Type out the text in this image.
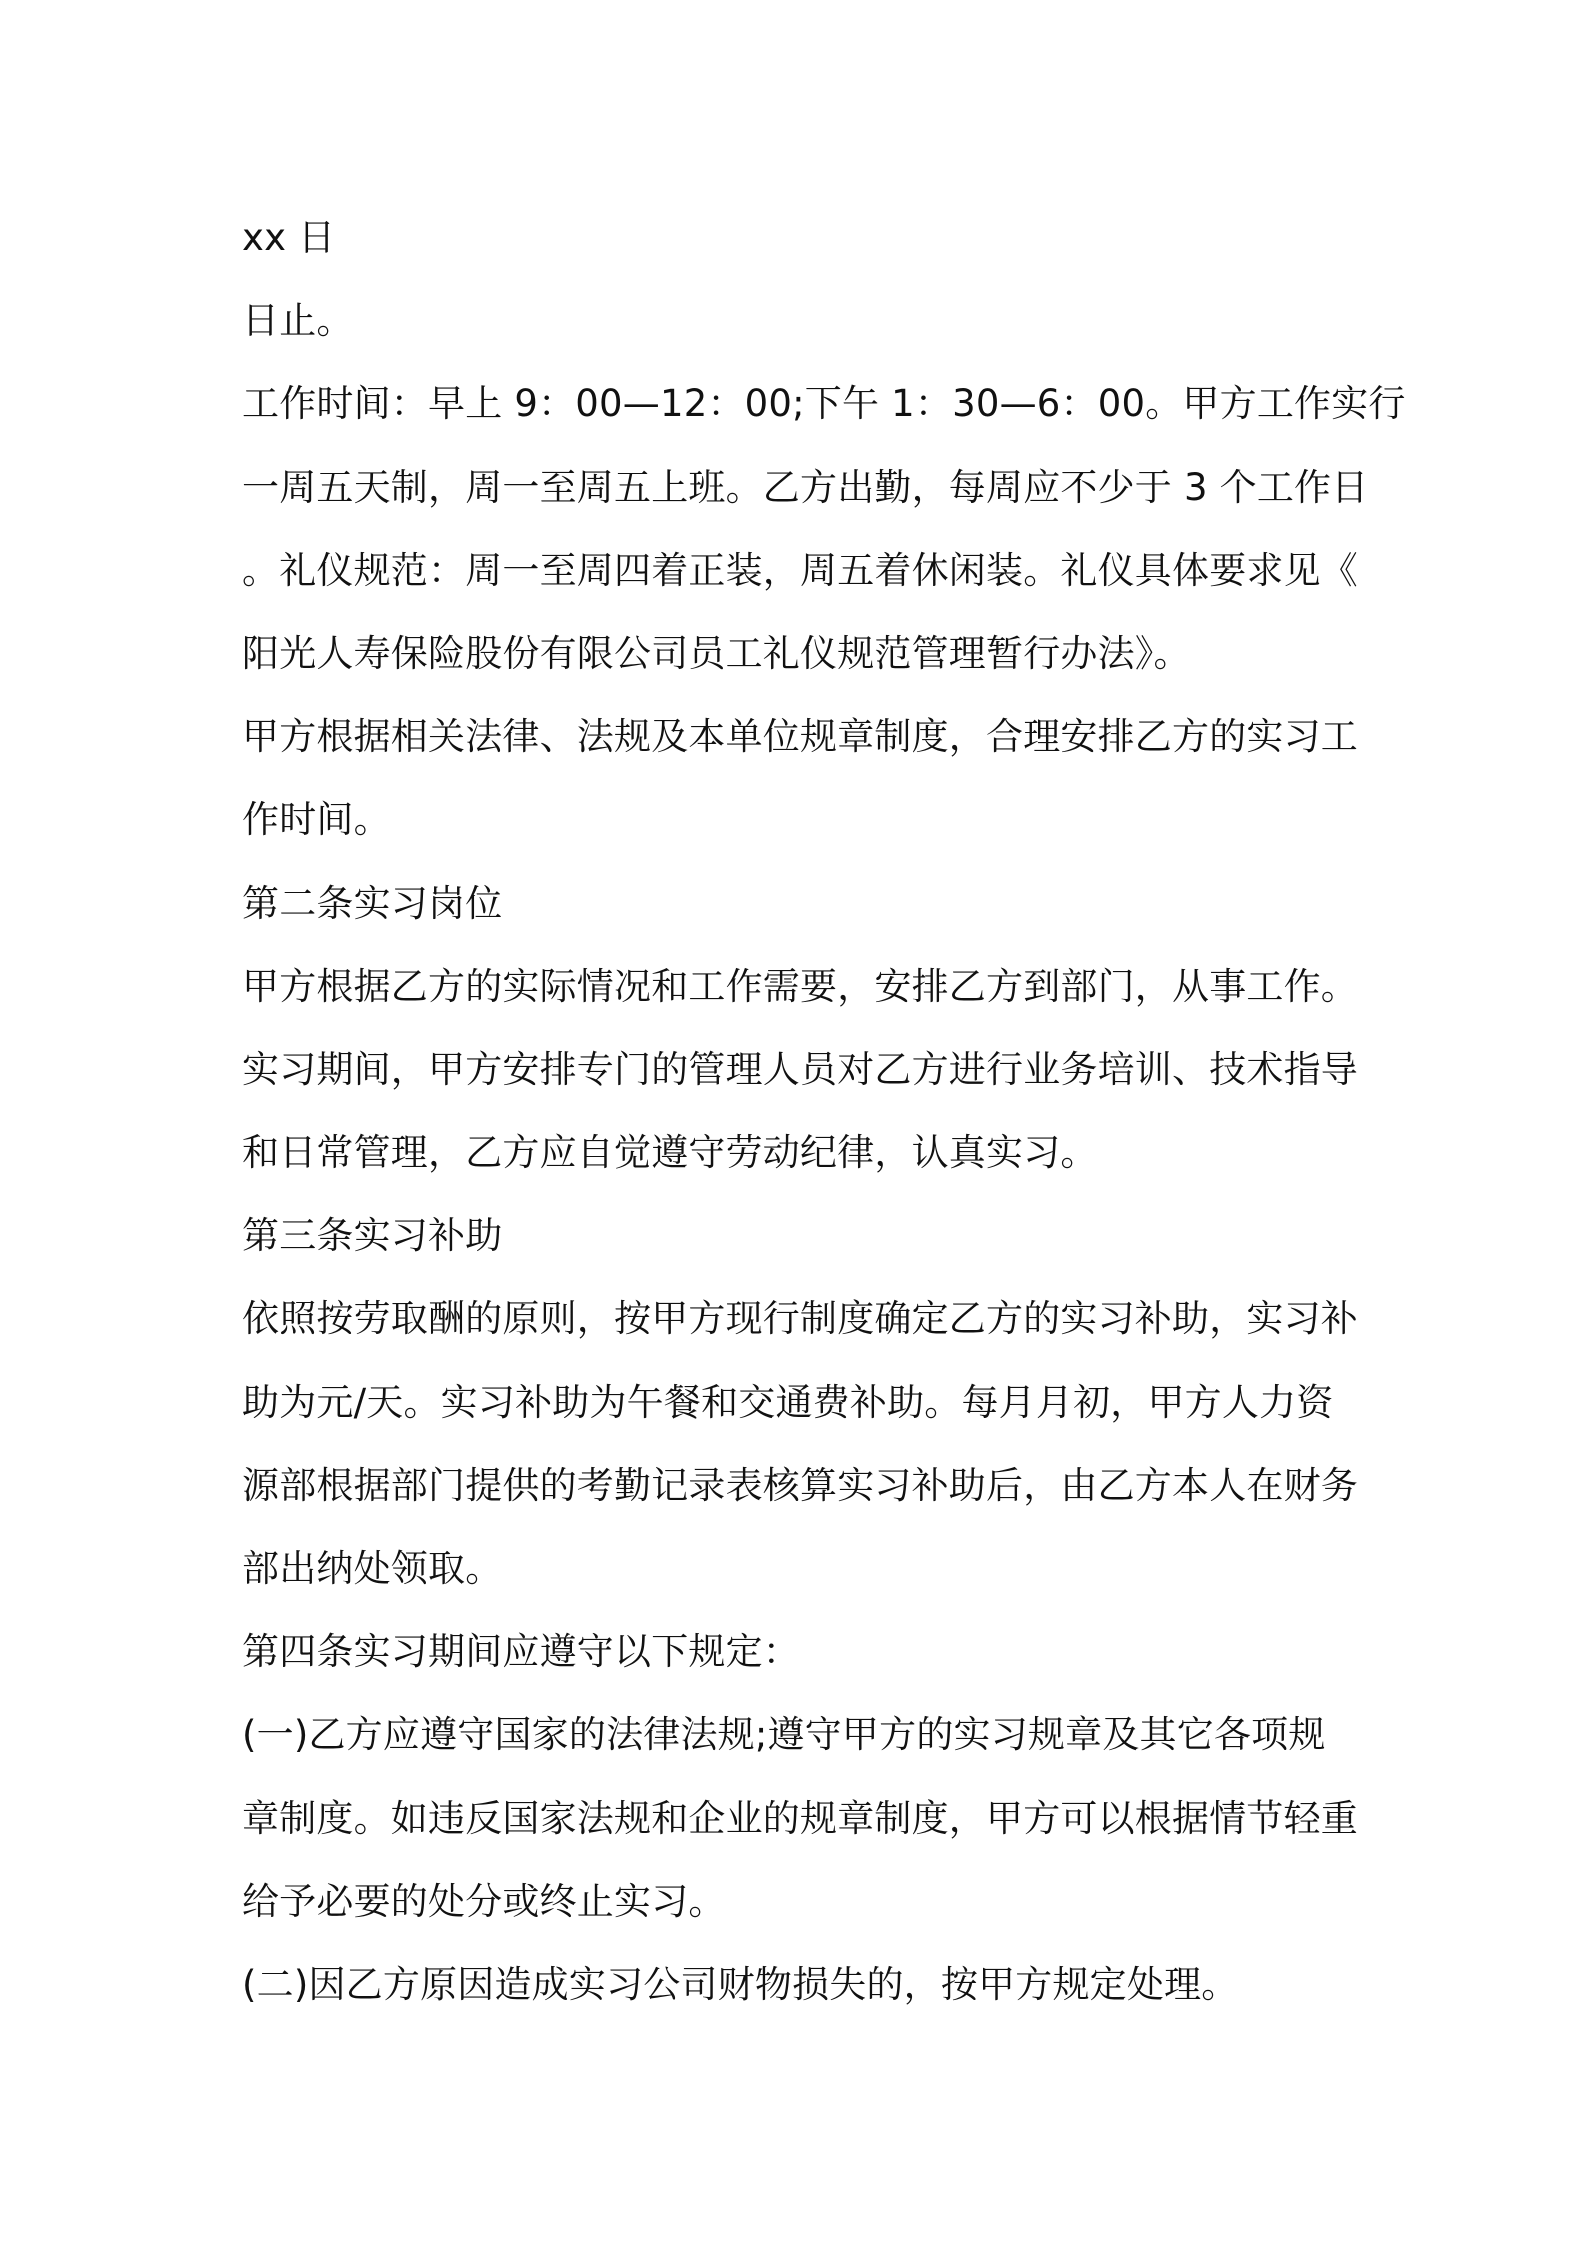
xx 日
日止。
工作时间：早上 9：00—12：00;下午 1：30—6：00。甲方工作实行
一周五天制，周一至周五上班。乙方出勤，每周应不少于 3 个工作日
。礼仪规范：周一至周四着正装，周五着休闲装。礼仪具体要求见《
阳光人寿保险股份有限公司员工礼仪规范管理暂行办法》。
甲方根据相关法律、法规及本单位规章制度，合理安排乙方的实习工
作时间。
第二条实习岗位
甲方根据乙方的实际情况和工作需要，安排乙方到部门，从事工作。
实习期间，甲方安排专门的管理人员对乙方进行业务培训、技术指导
和日常管理，乙方应自觉遵守劳动纪律，认真实习。
第三条实习补助
依照按劳取酬的原则，按甲方现行制度确定乙方的实习补助，实习补
助为元/天。实习补助为午餐和交通费补助。每月月初，甲方人力资
源部根据部门提供的考勤记录表核算实习补助后，由乙方本人在财务
部出纳处领取。
第四条实习期间应遵守以下规定：
(一)乙方应遵守国家的法律法规;遵守甲方的实习规章及其它各项规
章制度。如违反国家法规和企业的规章制度，甲方可以根据情节轻重
给予必要的处分或终止实习。
(二)因乙方原因造成实习公司财物损失的，按甲方规定处理。
